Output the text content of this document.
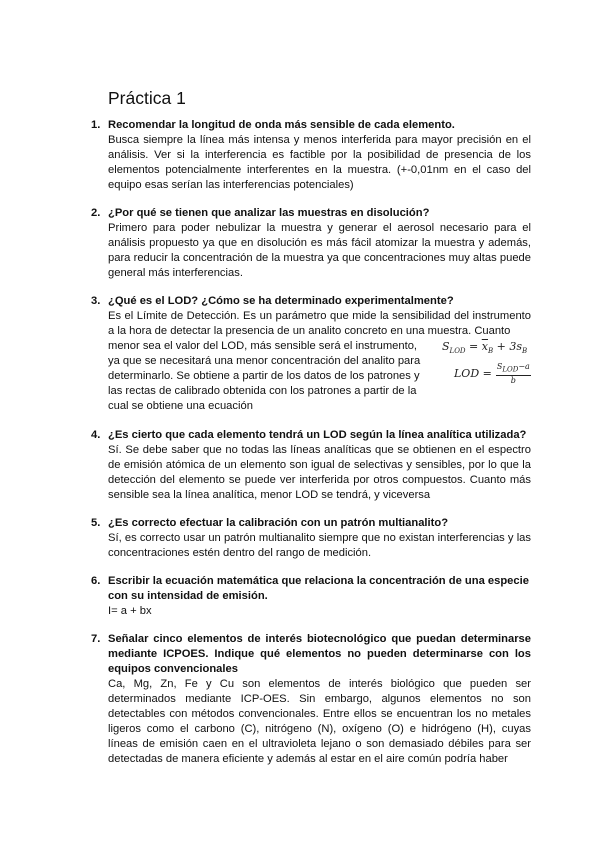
Práctica 1
1. Recomendar la longitud de onda más sensible de cada elemento.
Busca siempre la línea más intensa y menos interferida para mayor precisión en el análisis. Ver si la interferencia es factible por la posibilidad de presencia de los elementos potencialmente interferentes en la muestra. (+-0,01nm en el caso del equipo esas serían las interferencias potenciales)
2. ¿Por qué se tienen que analizar las muestras en disolución?
Primero para poder nebulizar la muestra y generar el aerosol necesario para el análisis propuesto ya que en disolución es más fácil atomizar la muestra y además, para reducir la concentración de la muestra ya que concentraciones muy altas puede general más interferencias.
3. ¿Qué es el LOD? ¿Cómo se ha determinado experimentalmente?

Es el Límite de Detección. Es un parámetro que mide la sensibilidad del instrumento a la hora de detectar la presencia de un analito concreto en una muestra. Cuanto

menor sea el valor del LOD, más sensible será el instrumento, ya que se necesitará una menor concentración del analito para determinarlo. Se obtiene a partir de los datos de los patrones y las rectas de calibrado obtenida con los patrones a partir de la cual se obtiene una ecuación

$S_{LOD} = \overline{x}_B + 3s_B$
LOD = $\frac{S_{LOD}-a}{b}$
4. ¿Es cierto que cada elemento tendrá un LOD según la línea analítica utilizada?
Sí. Se debe saber que no todas las líneas analíticas que se obtienen en el espectro de emisión atómica de un elemento son igual de selectivas y sensibles, por lo que la detección del elemento se puede ver interferida por otros compuestos. Cuanto más sensible sea la línea analítica, menor LOD se tendrá, y viceversa
5. ¿Es correcto efectuar la calibración con un patrón multianalito?
Sí, es correcto usar un patrón multianalito siempre que no existan interferencias y las concentraciones estén dentro del rango de medición.
6. Escribir la ecuación matemática que relaciona la concentración de una especie con su intensidad de emisión.
I= a + bx
7. Señalar cinco elementos de interés biotecnológico que puedan determinarse mediante ICPOES. Indique qué elementos no pueden determinarse con los equipos convencionales
Ca, Mg, Zn, Fe y Cu son elementos de interés biológico que pueden ser determinados mediante ICP-OES. Sin embargo, algunos elementos no son detectables con métodos convencionales. Entre ellos se encuentran los no metales ligeros como el carbono (C), nitrógeno (N), oxígeno (O) e hidrógeno (H), cuyas líneas de emisión caen en el ultravioleta lejano o son demasiado débiles para ser detectadas de manera eficiente y además al estar en el aire común podría haber
